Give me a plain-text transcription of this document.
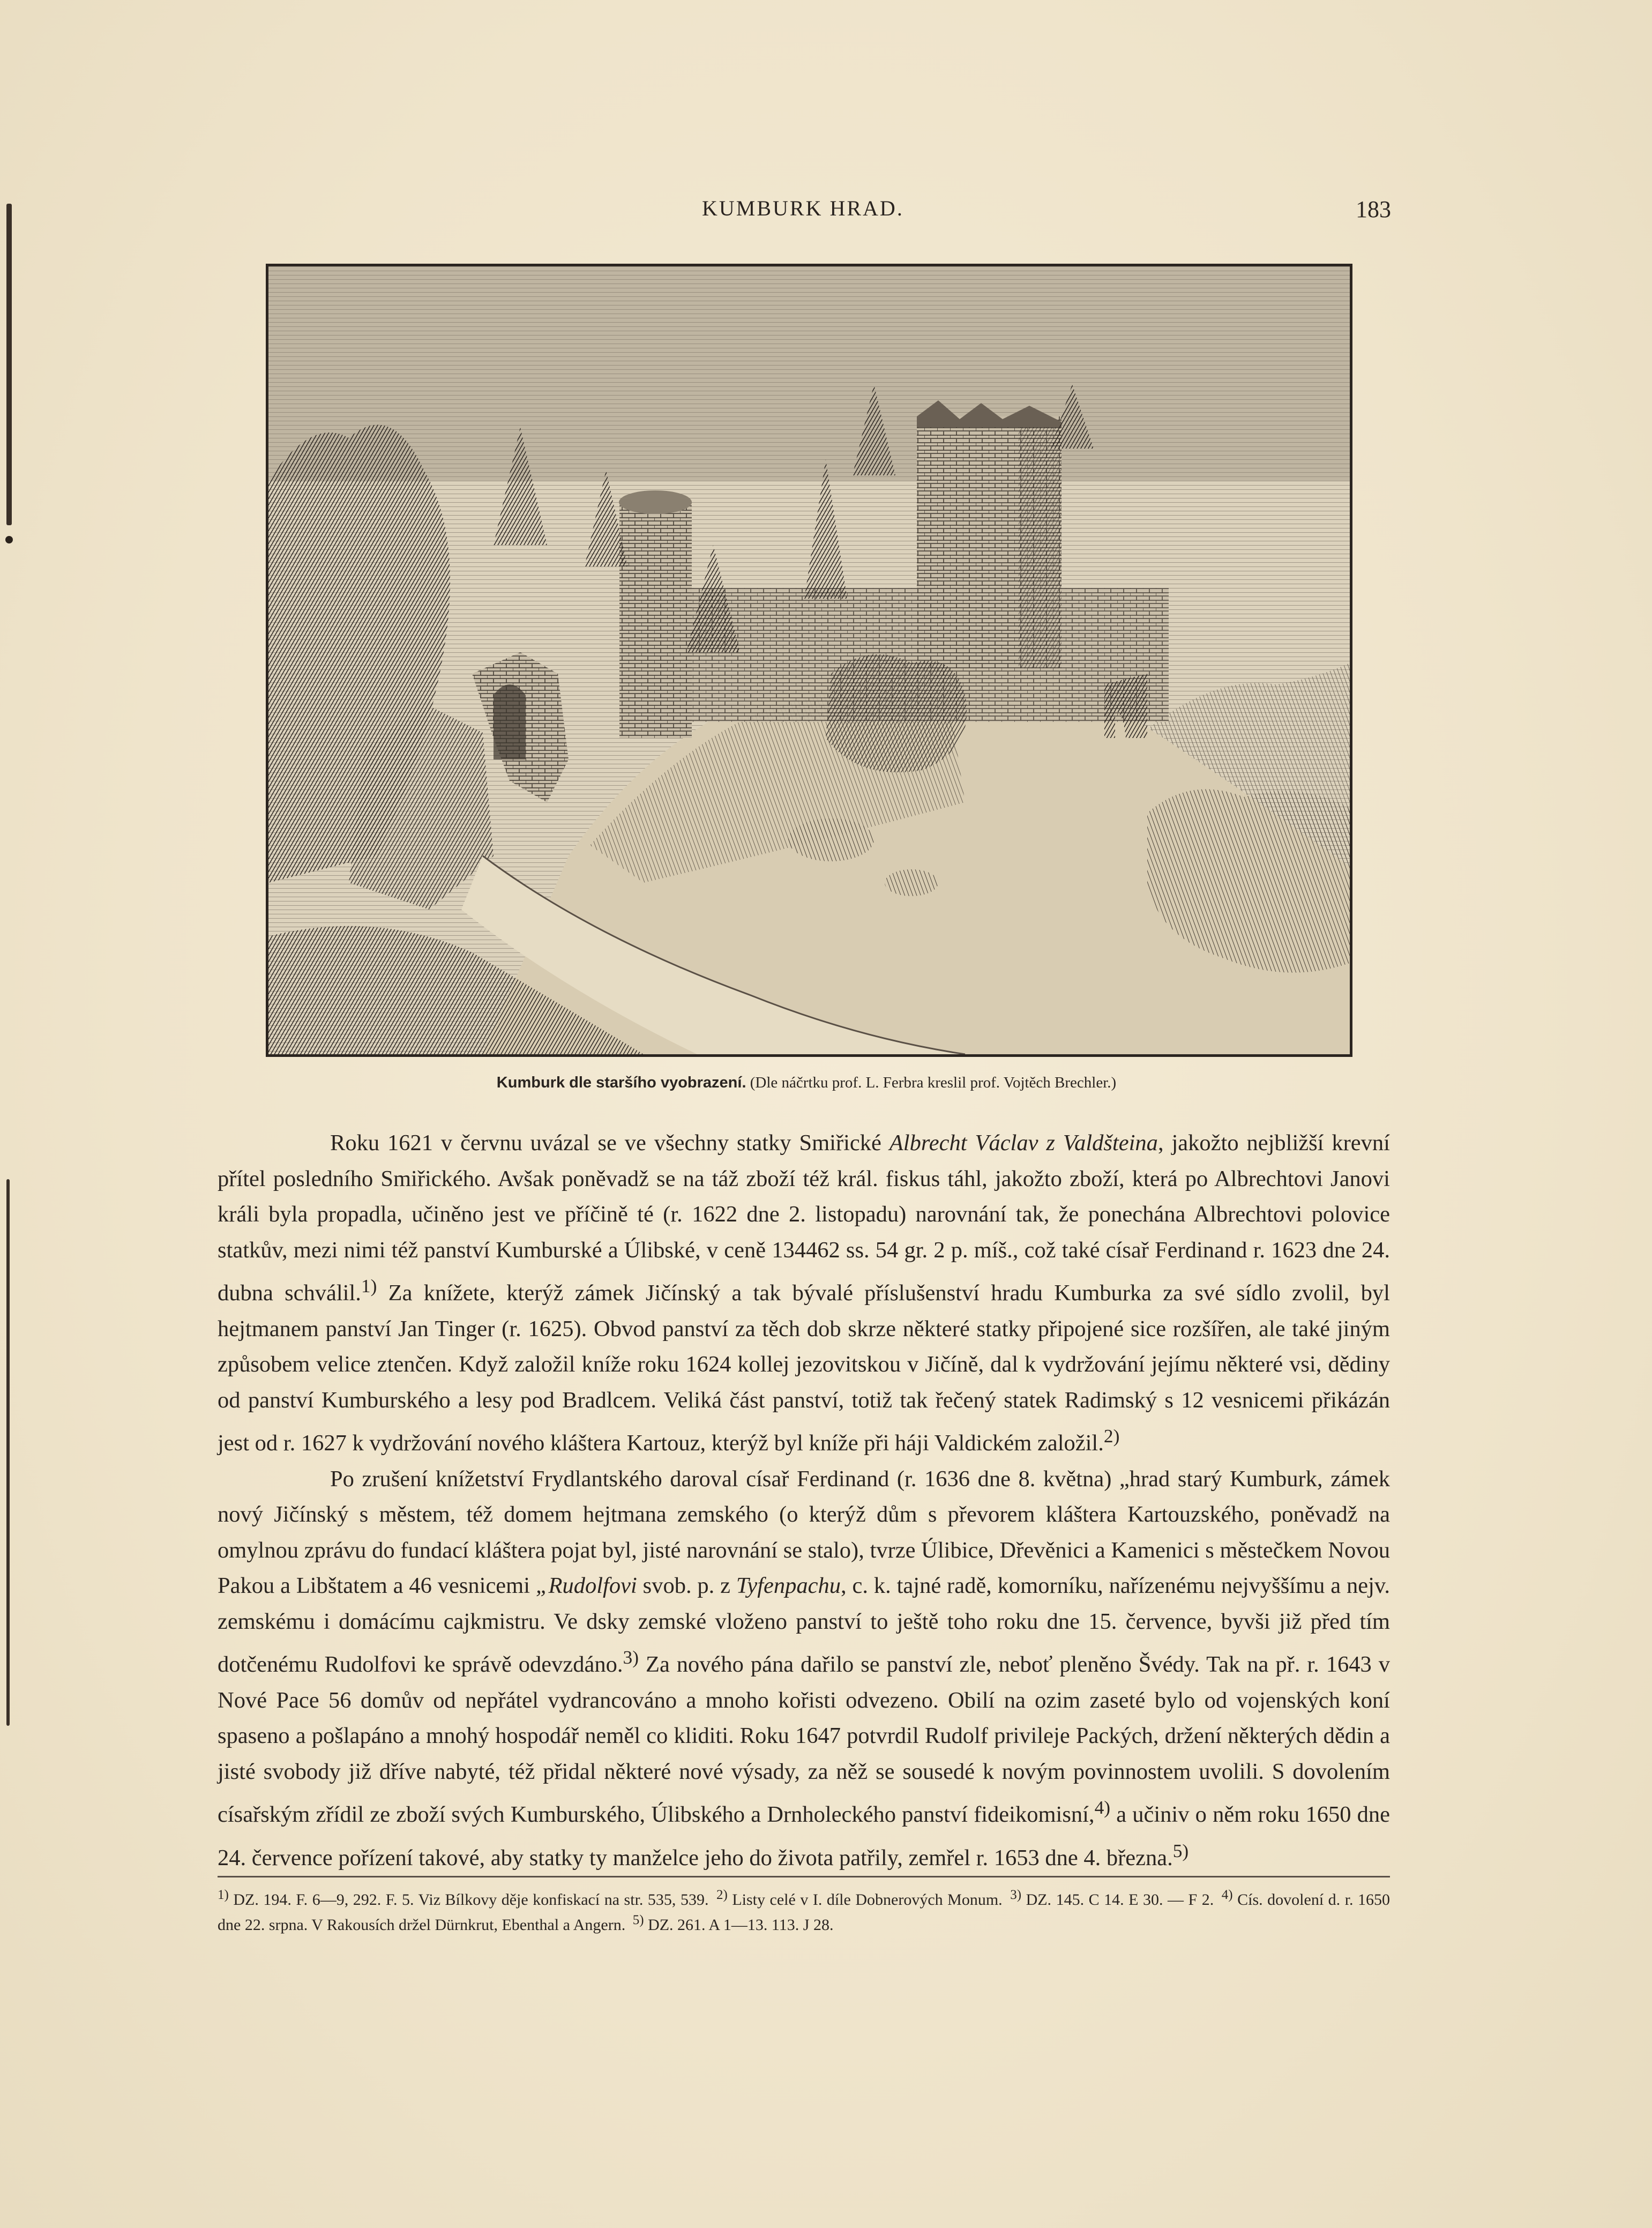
KUMBURK HRAD.	183
Kumburk dle staršího vyobrazení. (Dle náčrtku prof. L. Ferbra kreslil prof. Vojtěch Brechler.)

Roku 1621 v červnu uvázal se ve všechny statky Smiřické Albrecht Václav z Valdšteina, jakožto nejbližší krevní přítel posledního Smiřického. Avšak poněvadž se na táž zboží též král. fiskus táhl, jakožto zboží, která po Albrechtovi Janovi králi byla propadla, učiněno jest ve příčině té (r. 1622 dne 2. listopadu) narovnání tak, že ponechána Albrechtovi polovice statkův, mezi nimi též panství Kumburské a Úlibské, v ceně 134462 ss. 54 gr. 2 p. míš., což také císař Ferdinand r. 1623 dne 24. dubna schválil.$^{1)}$ Za knížete, kterýž zámek Jičínský a tak bývalé příslušenství hradu Kumburka za své sídlo zvolil, byl hejtmanem panství Jan Tinger (r. 1625). Obvod panství za těch dob skrze některé statky připojené sice rozšířen, ale také jiným způsobem velice ztenčen. Když založil kníže roku 1624 kollej jezovitskou v Jičíně, dal k vydržování jejímu některé vsi, dědiny od panství Kumburského a lesy pod Bradlcem. Veliká část panství, totiž tak řečený statek Radimský s 12 vesnicemi přikázán jest od r. 1627 k vydržování nového kláštera Kartouz, kterýž byl kníže při háji Valdickém založil.$^{2)}$

Po zrušení knížetství Frydlantského daroval císař Ferdinand (r. 1636 dne 8. května) „hrad starý Kumburk, zámek nový Jičínský s městem, též domem hejtmana zemského (o kterýž dům s převorem kláštera Kartouzského, poněvadž na omylnou zprávu do fundací kláštera pojat byl, jisté narovnání se stalo), tvrze Úlibice, Dřevěnici a Kamenici s městečkem Novou Pakou a Libštatem a 46 vesnicemi „Rudolfovi svob. p. z Tyfenpachu, c. k. tajné radě, komorníku, nařízenému nejvyššímu a nejv. zemskému i domácímu cajkmistru. Ve dsky zemské vloženo panství to ještě toho roku dne 15. července, byvši již před tím dotčenému Rudolfovi ke správě odevzdáno.$^{3)}$ Za nového pána dařilo se panství zle, neboť pleněno Švédy. Tak na př. r. 1643 v Nové Pace 56 domův od nepřátel vydrancováno a mnoho kořisti odvezeno. Obilí na ozim zaseté bylo od vojenských koní spaseno a pošlapáno a mnohý hospodář neměl co kliditi. Roku 1647 potvrdil Rudolf privileje Packých, držení některých dědin a jisté svobody již dříve nabyté, též přidal některé nové výsady, za něž se sousedé k novým povinnostem uvolili. S dovolením císařským zřídil ze zboží svých Kumburského, Úlibského a Drnholeckého panství fideikomisní,$^{4)}$ a učiniv o něm roku 1650 dne 24. července pořízení takové, aby statky ty manželce jeho do života patřily, zemřel r. 1653 dne 4. března.$^{5)}$

$^{1)}$ DZ. 194. F. 6—9, 292. F. 5. Viz Bílkovy děje konfiskací na str. 535, 539. $^{2)}$ Listy celé v I. díle Dobnerových Monum. $^{3)}$ DZ. 145. C 14. E 30. — F 2. $^{4)}$ Cís. dovolení d. r. 1650 dne 22. srpna. V Rakousích držel Dürnkrut, Ebenthal a Angern. $^{5)}$ DZ. 261. A 1—13. 113. J 28.
